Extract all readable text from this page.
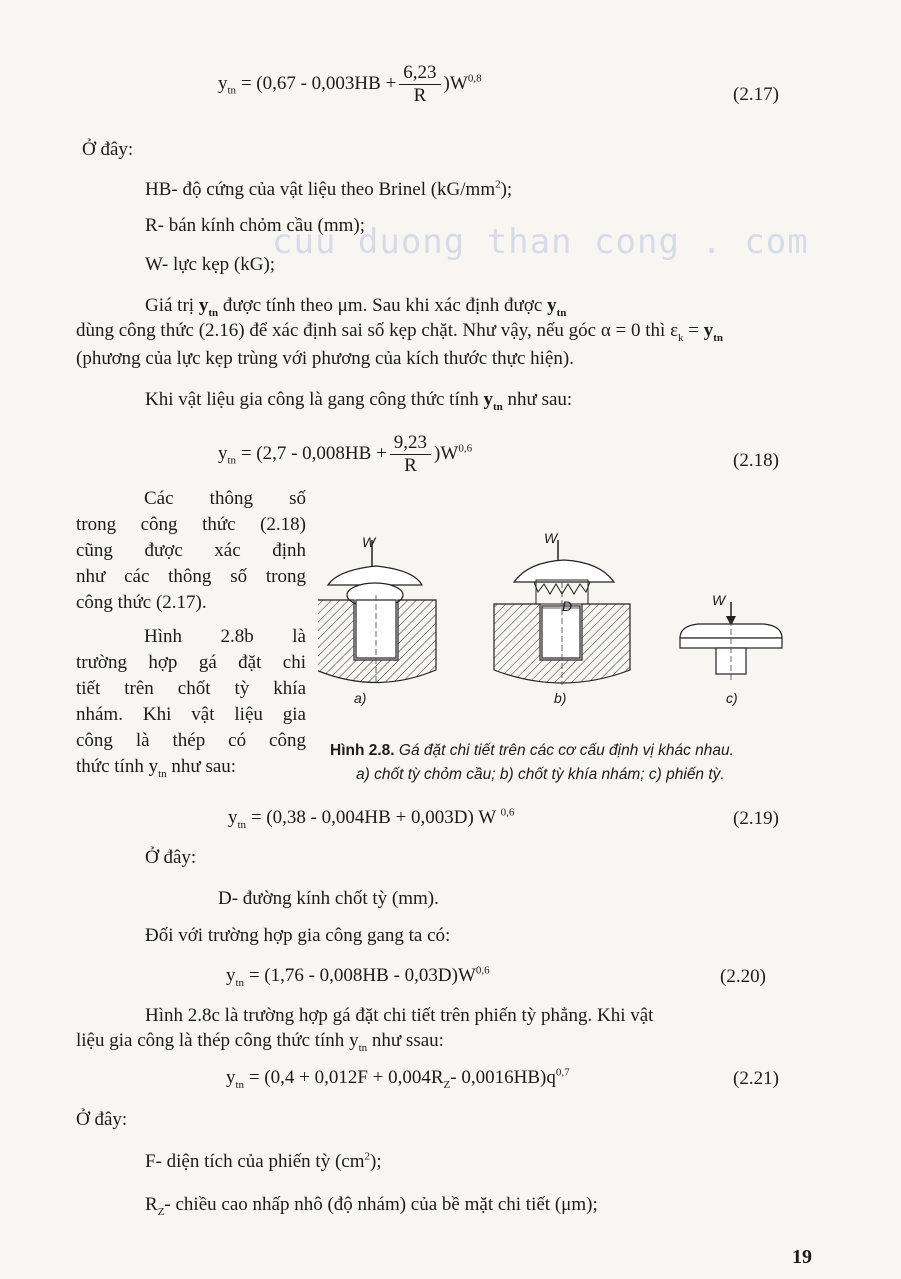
cuu duong than cong . com
$y_{tn} = (0,67 - 0,003HB + \frac{6,23}{R} )W^{0,8}$
(2.17)
Ở đây:
HB- độ cứng của vật liệu theo Brinel $(kG/mm^2)$;
R- bán kính chỏm cầu (mm);
W- lực kẹp (kG);
Giá trị $y_{tn}$ được tính theo μm. Sau khi xác định được $y_{tn}$
dùng công thức (2.16) để xác định sai số kẹp chặt. Như vậy, nếu góc α = 0 thì $\varepsilon_k = y_{tn}$
(phương của lực kẹp trùng với phương của kích thước thực hiện).
Khi vật liệu gia công là gang công thức tính $y_{tn}$ như sau:
$y_{tn} = (2,7 - 0,008HB + \frac{9,23}{R} )W^{0,6}$
(2.18)
Các thông số
trong công thức (2.18)
cũng được xác định
như các thông số trong
công thức (2.17).
Hình 2.8b là
trường hợp gá đặt chi
tiết trên chốt tỳ khía
nhám. Khi vật liệu gia
công là thép có công
thức tính $y_{tn}$ như sau:
W	W
D	W
a)	b)	c)
Hình 2.8. Gá đặt chi tiết trên các cơ cấu định vị khác nhau.
a) chốt tỳ chỏm cầu; b) chốt tỳ khía nhám; c) phiến tỳ.
$y_{tn} = (0,38 - 0,004HB + 0,003D)$ W $^{0,6}$	(2.19)
Ở đây:
D- đường kính chốt tỳ (mm).
Đối với trường hợp gia công gang ta có:
$y_{tn} = (1,76 - 0,008HB - 0,03D)W^{0,6}$	(2.20)
Hình 2.8c là trường hợp gá đặt chi tiết trên phiến tỳ phẳng. Khi vật
liệu gia công là thép công thức tính $y_{tn}$ như ssau:
$y_{tn} = (0,4 + 0,012F + 0,004R_Z-$ $0,0016HB)q^{0,7}$	(2.21)
Ở đây:
F- diện tích của phiến tỳ $(cm^2)$;
$R_Z-$ chiều cao nhấp nhô (độ nhám) của bề mặt chi tiết (μm);
19
